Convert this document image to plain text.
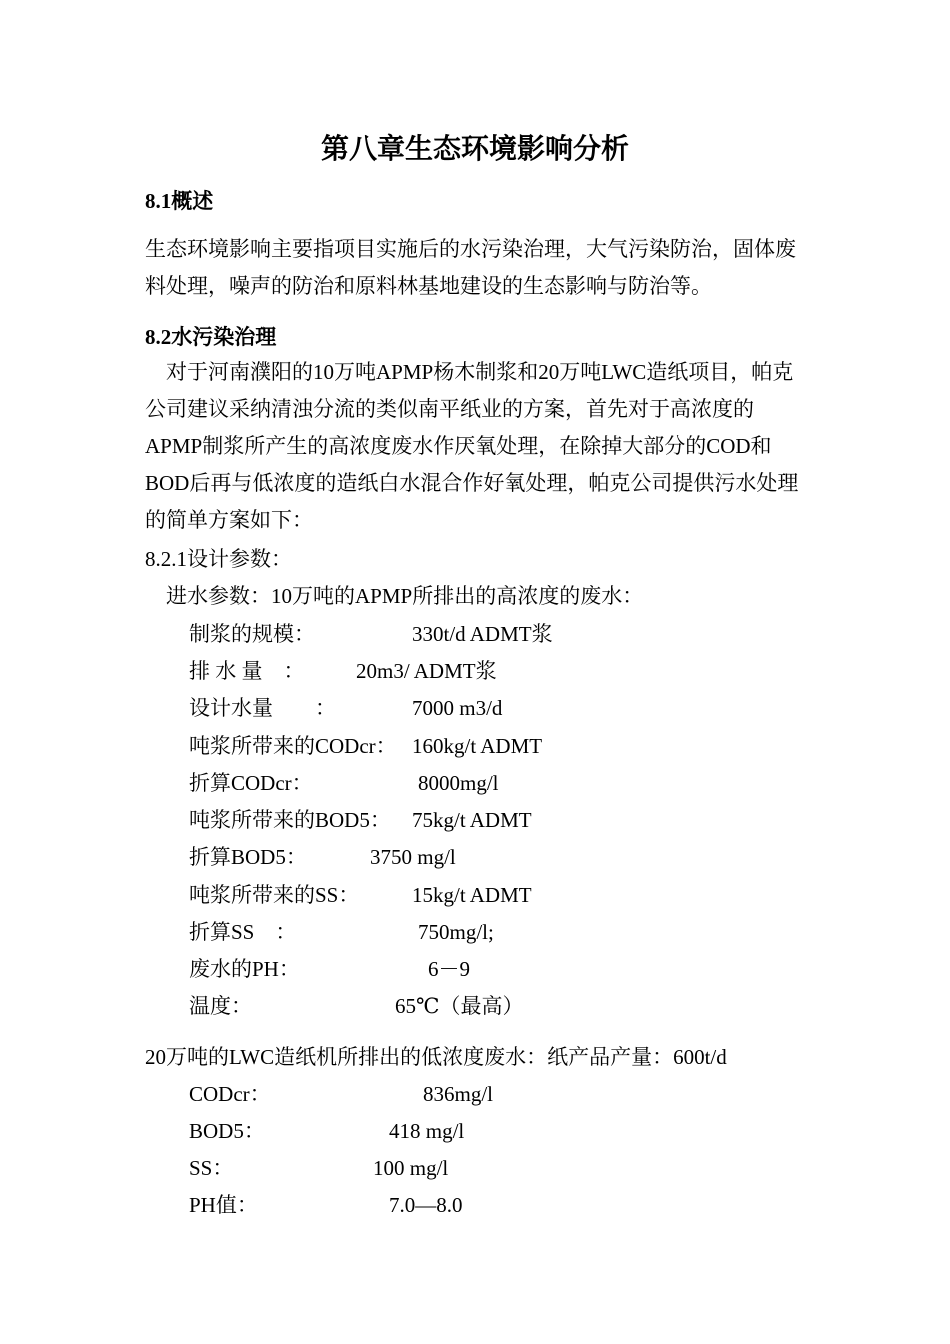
第八章生态环境影响分析
8.1概述
生态环境影响主要指项目实施后的水污染治理，大气污染防治，固体废料处理，噪声的防治和原料林基地建设的生态影响与防治等。
8.2水污染治理
对于河南濮阳的10万吨APMP杨木制浆和20万吨LWC造纸项目，帕克公司建议采纳清浊分流的类似南平纸业的方案，首先对于高浓度的APMP制浆所产生的高浓度废水作厌氧处理，在除掉大部分的COD和BOD后再与低浓度的造纸白水混合作好氧处理，帕克公司提供污水处理的简单方案如下：
8.2.1设计参数：
进水参数：10万吨的APMP所排出的高浓度的废水：
制浆的规模：	330t/d ADMT浆
排 水 量　： 20m3/ ADMT浆
设计水量　　：	7000 m3/d
吨浆所带来的CODcr： 160kg/t ADMT
折算CODcr：	8000mg/l
吨浆所带来的BOD5： 75kg/t ADMT
折算BOD5：	3750 mg/l
吨浆所带来的SS：	15kg/t ADMT
折算SS　：	750mg/l;
废水的PH：	6－9
温度：	65℃（最高）
20万吨的LWC造纸机所排出的低浓度废水：纸产品产量：600t/d
CODcr：	836mg/l
BOD5：	418 mg/l
SS：	100 mg/l
PH值：	7.0—8.0
